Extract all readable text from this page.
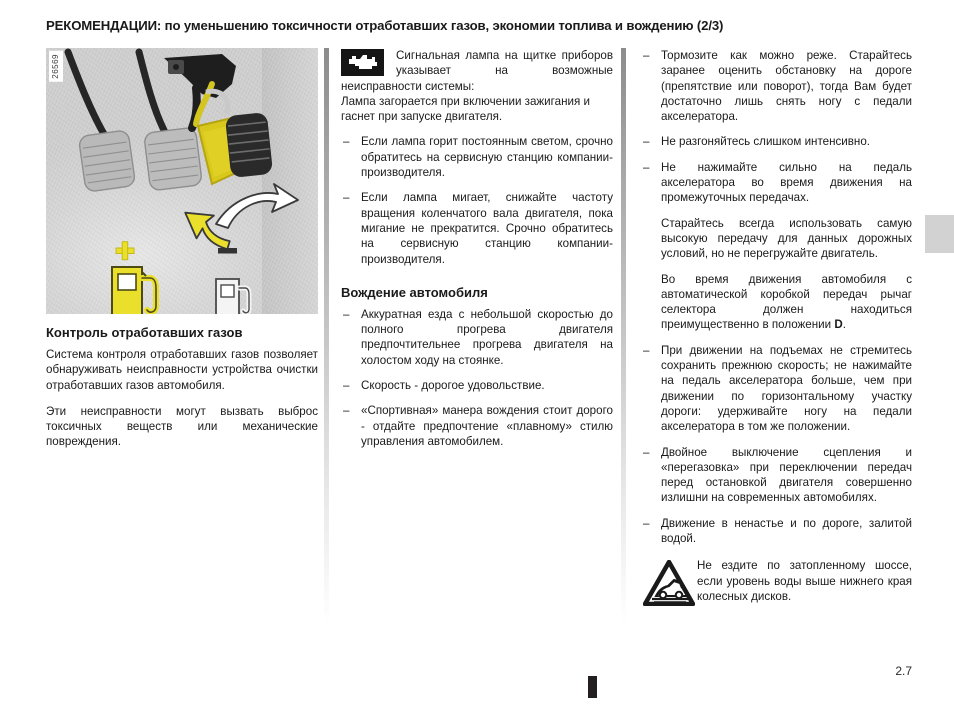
РЕКОМЕНДАЦИИ: по уменьшению токсичности отработавших газов, экономии топлива и вождению (2/3)
26569
Контроль отработавших газов

Система контроля отработавших газов позволяет обнаруживать неисправности устройства очистки отработавших газов автомобиля.

Эти неисправности могут вызвать выброс токсичных веществ или механические повреждения.

Сигнальная лампа на щитке приборов указывает на возможные неисправности системы:
Лампа загорается при включении зажигания и гаснет при запуске двигателя.
– Если лампа горит постоянным светом, срочно обратитесь на сервисную станцию компании-производителя.
– Если лампа мигает, снижайте частоту вращения коленчатого вала двигателя, пока мигание не прекратится. Срочно обратитесь на сервисную станцию компании-производителя.
Вождение автомобиля
– Аккуратная езда с небольшой скоростью до полного прогрева двигателя предпочтительнее прогрева двигателя на холостом ходу на стоянке.
– Скорость - дорогое удовольствие.
– «Спортивная» манера вождения стоит дорого - отдайте предпочтение «плавному» стилю управления автомобилем.
– Тормозите как можно реже. Старайтесь заранее оценить обстановку на дороге (препятствие или поворот), тогда Вам будет достаточно лишь снять ногу с педали акселератора.
– Не разгоняйтесь слишком интенсивно.
– Не нажимайте сильно на педаль акселератора во время движения на промежуточных передачах.
Старайтесь всегда использовать самую высокую передачу для данных дорожных условий, но не перегружайте двигатель.
Во время движения автомобиля с автоматической коробкой передач рычаг селектора должен находиться преимущественно в положении D.
– При движении на подъемах не стремитесь сохранить прежнюю скорость; не нажимайте на педаль акселератора больше, чем при движении по горизонтальному участку дороги: удерживайте ногу на педали акселератора в том же положении.
– Двойное выключение сцепления и «перегазовка» при переключении передач перед остановкой двигателя совершенно излишни на современных автомобилях.
– Движение в ненастье и по дороге, залитой водой.
Не ездите по затопленному шоссе, если уровень воды выше нижнего края колесных дисков.
2.7
